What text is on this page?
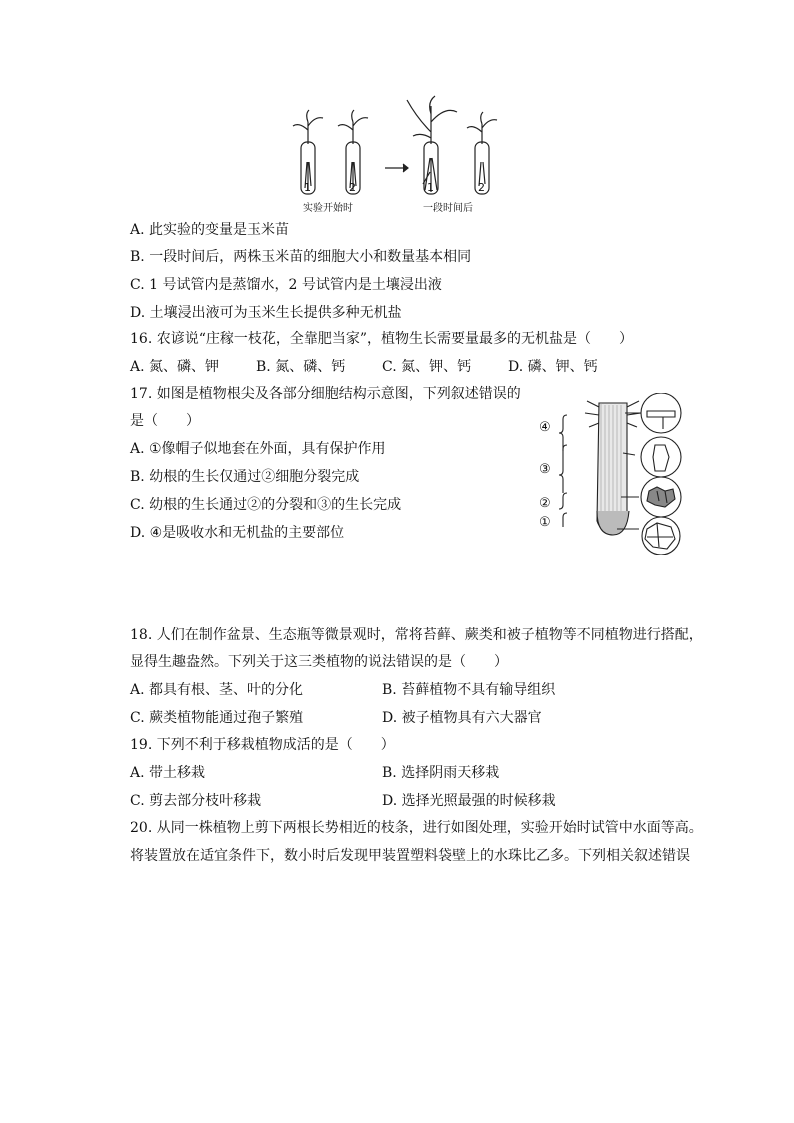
1	2	1	2
实验开始时	一段时间后
A. 此实验的变量是玉米苗
B. 一段时间后，两株玉米苗的细胞大小和数量基本相同
C. 1 号试管内是蒸馏水，2 号试管内是土壤浸出液
D. 土壤浸出液可为玉米生长提供多种无机盐
16. 农谚说“庄稼一枝花，全靠肥当家”，植物生长需要量最多的无机盐是（　　）
A. 氮、磷、钾	B. 氮、磷、钙	C. 氮、钾、钙	D. 磷、钾、钙
17. 如图是植物根尖及各部分细胞结构示意图，下列叙述错误的
是（　　）
A. ①像帽子似地套在外面，具有保护作用
B. 幼根的生长仅通过②细胞分裂完成
C. 幼根的生长通过②的分裂和③的生长完成
D. ④是吸收水和无机盐的主要部位
④
③
②
①
18. 人们在制作盆景、生态瓶等微景观时，常将苔藓、蕨类和被子植物等不同植物进行搭配，
显得生趣盎然。下列关于这三类植物的说法错误的是（　　）
A. 都具有根、茎、叶的分化	B. 苔藓植物不具有输导组织
C. 蕨类植物能通过孢子繁殖	D. 被子植物具有六大器官
19. 下列不利于移栽植物成活的是（　　）
A. 带土移栽	B. 选择阴雨天移栽
C. 剪去部分枝叶移栽	D. 选择光照最强的时候移栽
20. 从同一株植物上剪下两根长势相近的枝条，进行如图处理，实验开始时试管中水面等高。
将装置放在适宜条件下，数小时后发现甲装置塑料袋壁上的水珠比乙多。下列相关叙述错误
